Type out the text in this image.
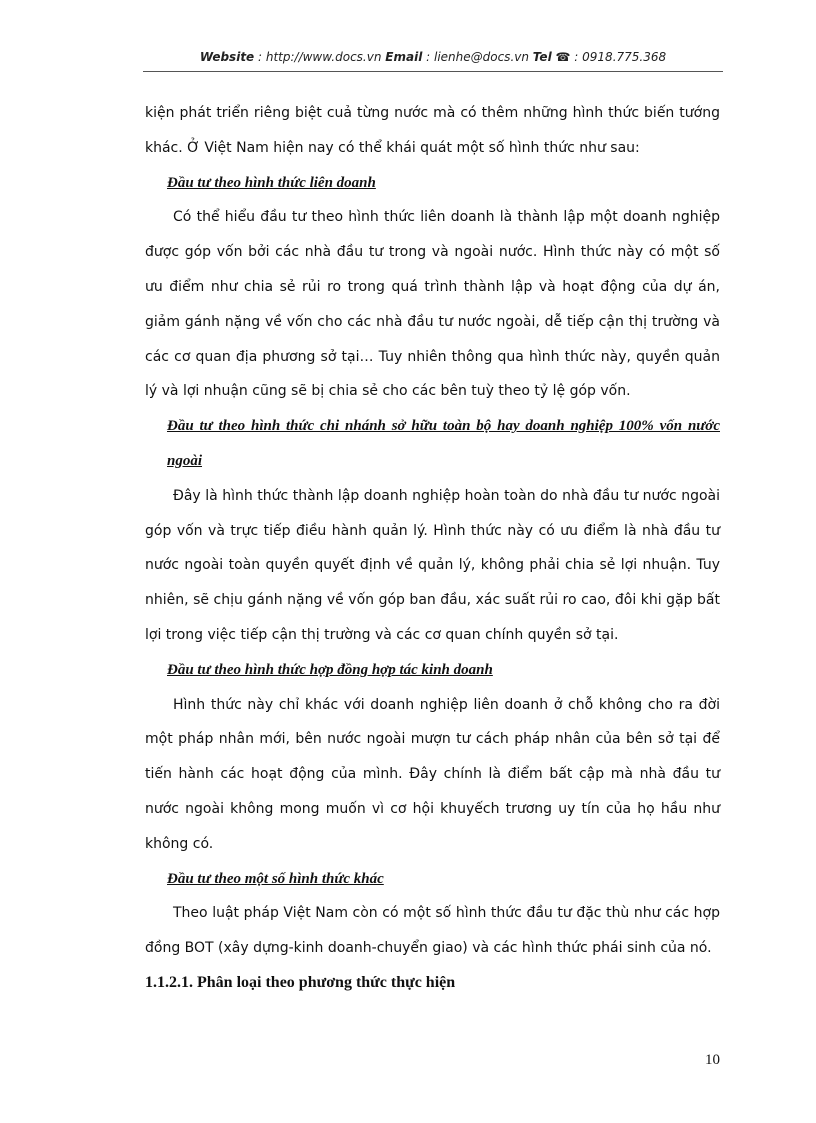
Website : http://www.docs.vn Email : lienhe@docs.vn Tel ☎ : 0918.775.368

kiện phát triển riêng biệt cuả từng nước mà có thêm những hình thức biến tướng khác. Ở Việt Nam hiện nay có thể khái quát một số hình thức như sau:

Đầu tư theo hình thức liên doanh

Có thể hiểu đầu tư theo hình thức liên doanh là thành lập một doanh nghiệp được góp vốn bởi các nhà đầu tư trong và ngoài nước. Hình thức này có một số ưu điểm như chia sẻ rủi ro trong quá trình thành lập và hoạt động của dự án, giảm gánh nặng về vốn cho các nhà đầu tư nước ngoài, dễ tiếp cận thị trường và các cơ quan địa phương sở tại… Tuy nhiên thông qua hình thức này, quyền quản lý và lợi nhuận cũng sẽ bị chia sẻ cho các bên tuỳ theo tỷ lệ góp vốn.

Đầu tư theo hình thức chi nhánh sở hữu toàn bộ hay doanh nghiệp 100% vốn nước ngoài

Đây là hình thức thành lập doanh nghiệp hoàn toàn do nhà đầu tư nước ngoài góp vốn và trực tiếp điều hành quản lý. Hình thức này có ưu điểm là nhà đầu tư nước ngoài toàn quyền quyết định về quản lý, không phải chia sẻ lợi nhuận. Tuy nhiên, sẽ chịu gánh nặng về vốn góp ban đầu, xác suất rủi ro cao, đôi khi gặp bất lợi trong việc tiếp cận thị trường và các cơ quan chính quyền sở tại.

Đầu tư theo hình thức hợp đồng hợp tác kinh doanh

Hình thức này chỉ khác với doanh nghiệp liên doanh ở chỗ không cho ra đời một pháp nhân mới, bên nước ngoài mượn tư cách pháp nhân của bên sở tại để tiến hành các hoạt động của mình. Đây chính là điểm bất cập mà nhà đầu tư nước ngoài không mong muốn vì cơ hội khuyếch trương uy tín của họ hầu như không có.

Đầu tư theo một số hình thức khác

Theo luật pháp Việt Nam còn có một số hình thức đầu tư đặc thù như các hợp đồng BOT (xây dựng-kinh doanh-chuyển giao) và các hình thức phái sinh của nó.

1.1.2.1. Phân loại theo phương thức thực hiện

10
